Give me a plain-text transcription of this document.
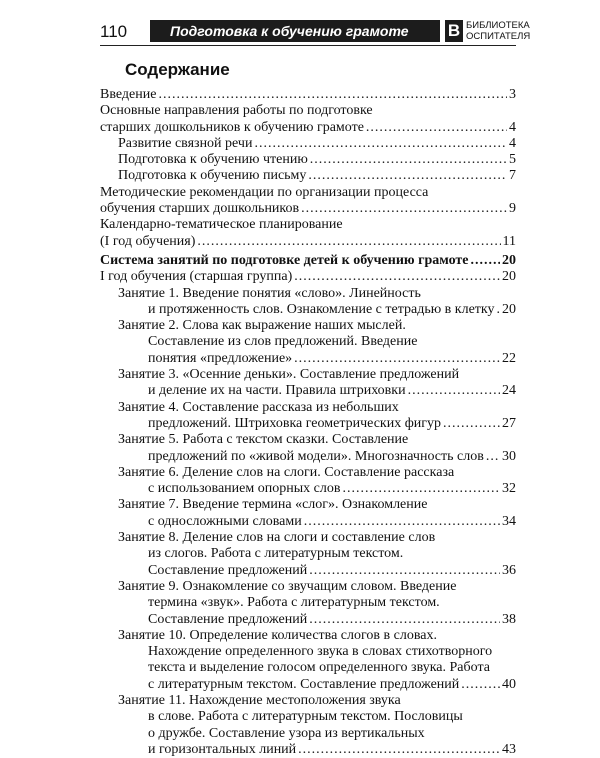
110	Подготовка к обучению грамоте	В БИБЛИОТЕКА
ОСПИТАТЕЛЯ
Содержание
Введение .....	3
Основные направления работы по подготовке
старших дошкольников к обучению грамоте .....	4
Развитие связной речи .....	4
Подготовка к обучению чтению .....	5
Подготовка к обучению письму .....	7
Методические рекомендации по организации процесса
обучения старших дошкольников .....	9
Календарно-тематическое планирование
(I год обучения) .....	11
Система занятий по подготовке детей к обучению грамоте ..... 20
I год обучения (старшая группа) .....	20
Занятие 1. Введение понятия «слово». Линейность
и протяженность слов. Ознакомление с тетрадью в клетку ..... 20
Занятие 2. Слова как выражение наших мыслей.
Составление из слов предложений. Введение
понятия «предложение» .....	22
Занятие 3. «Осенние деньки». Составление предложений
и деление их на части. Правила штриховки .....	24
Занятие 4. Составление рассказа из небольших
предложений. Штриховка геометрических фигур .....	27
Занятие 5. Работа с текстом сказки. Составление
предложений по «живой модели». Многозначность слов ..... 30
Занятие 6. Деление слов на слоги. Составление рассказа
с использованием опорных слов .....	32
Занятие 7. Введение термина «слог». Ознакомление
с односложными словами .....	34
Занятие 8. Деление слов на слоги и составление слов
из слогов. Работа с литературным текстом.
Составление предложений .....	36
Занятие 9. Ознакомление со звучащим словом. Введение
термина «звук». Работа с литературным текстом.
Составление предложений .....	38
Занятие 10. Определение количества слогов в словах.
Нахождение определенного звука в словах стихотворного
текста и выделение голосом определенного звука. Работа
с литературным текстом. Составление предложений .....	40
Занятие 11. Нахождение местоположения звука
в слове. Работа с литературным текстом. Пословицы
о дружбе. Составление узора из вертикальных
и горизонтальных линий .....	43
